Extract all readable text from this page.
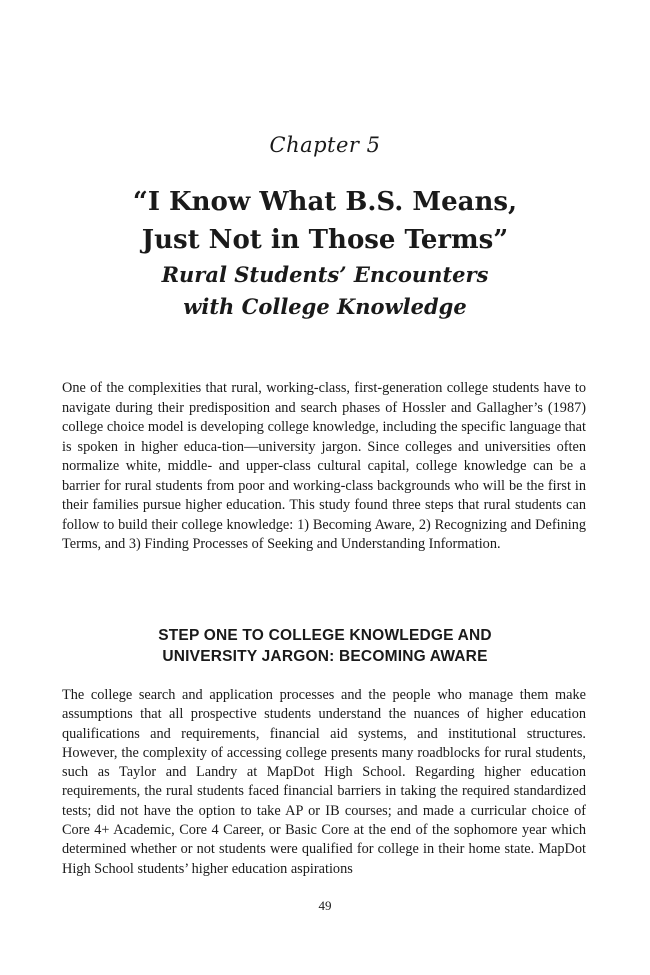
Chapter 5
“I Know What B.S. Means,
Just Not in Those Terms”
Rural Students’ Encounters
with College Knowledge

One of the complexities that rural, working-class, first-generation college students have to navigate during their predisposition and search phases of Hossler and Gallagher’s (1987) college choice model is developing college knowledge, including the specific language that is spoken in higher educa-tion—university jargon. Since colleges and universities often normalize white, middle- and upper-class cultural capital, college knowledge can be a barrier for rural students from poor and working-class backgrounds who will be the first in their families pursue higher education. This study found three steps that rural students can follow to build their college knowledge: 1) Becoming Aware, 2) Recognizing and Defining Terms, and 3) Finding Processes of Seeking and Understanding Information.

STEP ONE TO COLLEGE KNOWLEDGE AND
UNIVERSITY JARGON: BECOMING AWARE

The college search and application processes and the people who manage them make assumptions that all prospective students understand the nuances of higher education qualifications and requirements, financial aid systems, and institutional structures. However, the complexity of accessing college presents many roadblocks for rural students, such as Taylor and Landry at MapDot High School. Regarding higher education requirements, the rural students faced financial barriers in taking the required standardized tests; did not have the option to take AP or IB courses; and made a curricular choice of Core 4+ Academic, Core 4 Career, or Basic Core at the end of the sophomore year which determined whether or not students were qualified for college in their home state. MapDot High School students’ higher education aspirations

49
